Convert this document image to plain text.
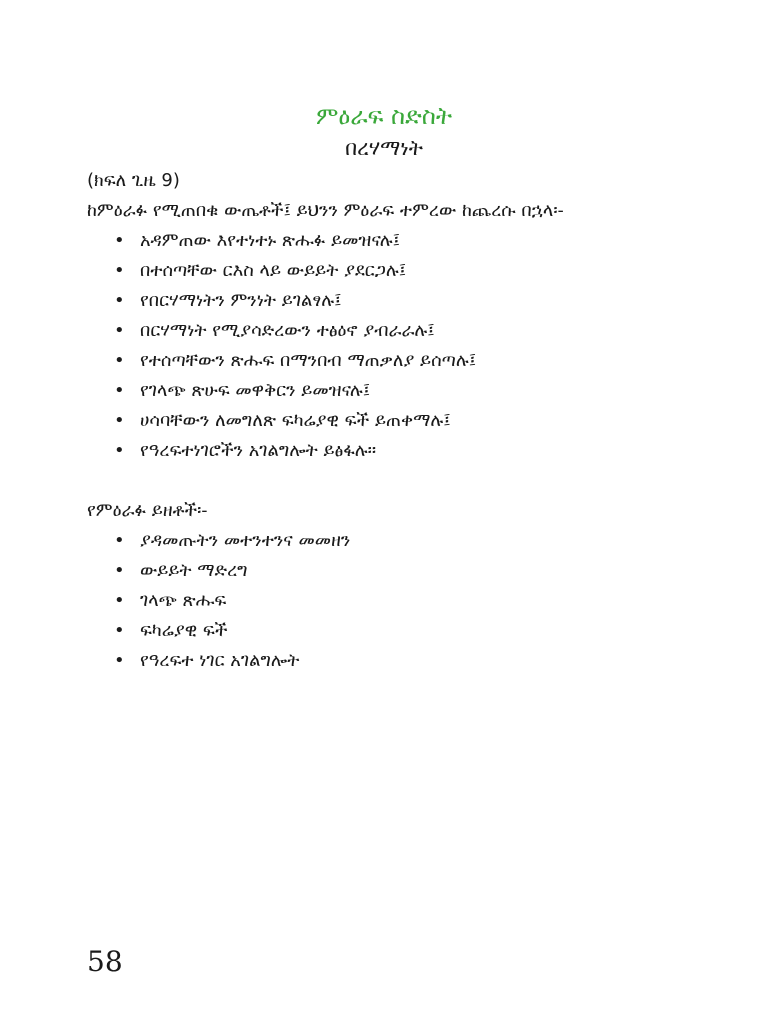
ምዕራፍ ስድስት
በረሃማነት
(ክፍለ ጊዜ 9)

ከምዕራፉ የሚጠበቁ ውጤቶች፤ ይህንን ምዕራፍ ተምረው ከጨረሱ በኋላ፡-

• አዳምጠው እየተነተኑ ጽሑፉ ይመዝናሉ፤
• በተሰጣቸው ርእስ ላይ ውይይት ያደርጋሉ፤
• የበርሃማነትን ምንነት ይገልፃሉ፤
• በርሃማነት የሚያሳድረውን ተፅዕኖ ያብራራሉ፤
• የተሰጣቸውን ጽሑፍ በማንበብ ማጠቃለያ ይሰጣሉ፤
• የገላጭ ጽሁፍ መዋቅርን ይመዝናሉ፤
• ሀሳባቸውን ለመግለጽ ፍካሬያዊ ፍች ይጠቀማሉ፤
• የዓረፍተነገሮችን አገልግሎት ይፅፋሉ፡፡
የምዕራፉ ይዘቶች፡-
• ያዳመጡትን መተንተንና መመዘን
• ውይይት ማድረግ
• ገላጭ ጽሑፍ
• ፍካሬያዊ ፍች
• የዓረፍተ ነገር አገልግሎት
58
